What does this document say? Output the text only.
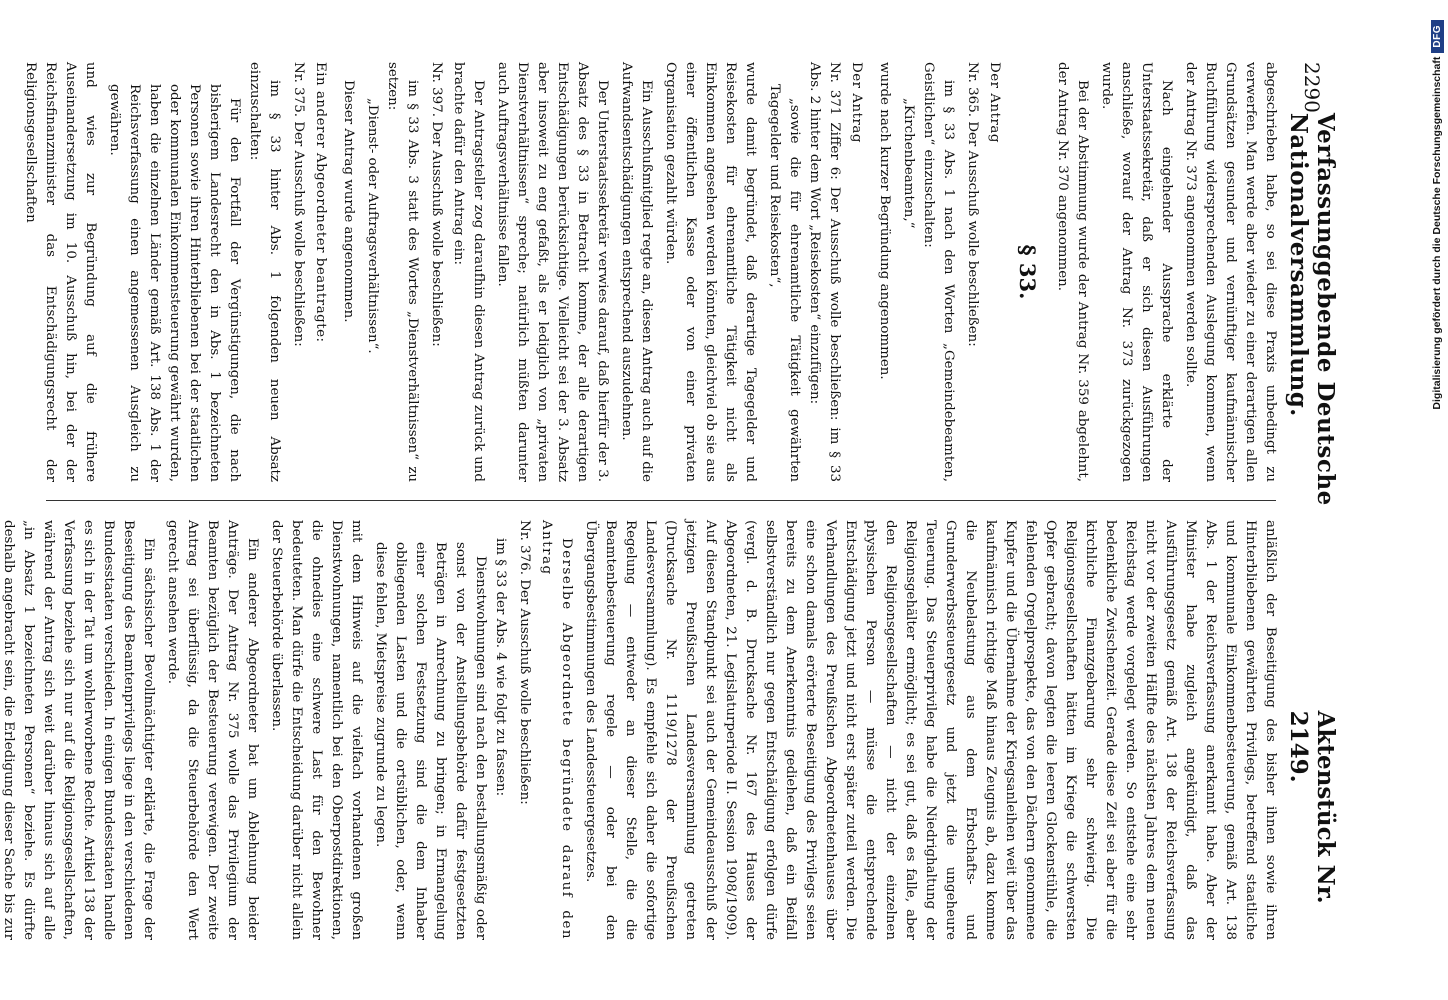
2290
Verfassunggebende Deutsche Nationalversammlung.
Aktenstück Nr. 2149.

abgeschrieben habe, so sei diese Praxis unbedingt zu verwerfen. Man werde aber wieder zu einer derartigen allen Grundsätzen gesunder und vernünftiger kaufmännischer Buchführung widersprechenden Auslegung kommen, wenn der Antrag Nr. 373 angenommen werden sollte.

Nach eingehender Aussprache erklärte der Unterstaatssekretär, daß er sich diesen Ausführungen anschließe, worauf der Antrag Nr. 373 zurückgezogen wurde.

Bei der Abstimmung wurde der Antrag Nr. 359 abgelehnt, der Antrag Nr. 370 angenommen.

§ 33.

Der Antrag

Nr. 365. Der Ausschuß wolle beschließen:

im § 33 Abs. 1 nach den Worten „Gemeindebeamten, Geistlichen“ einzuschalten:

„Kirchenbeamten,“

wurde nach kurzer Begründung angenommen.

Der Antrag

Nr. 371 Ziffer 6: Der Ausschuß wolle beschließen: im § 33 Abs. 2 hinter dem Wort „Reisekosten“ einzufügen:

„sowie die für ehrenamtliche Tätigkeit gewährten Tagegelder und Reisekosten“,

wurde damit begründet, daß derartige Tagegelder und Reisekosten für ehrenamtliche Tätigkeit nicht als Einkommen angesehen werden könnten, gleichviel ob sie aus einer öffentlichen Kasse oder von einer privaten Organisation gezahlt würden.

Ein Ausschußmitglied regte an, diesen Antrag auch auf die Aufwandsentschädigungen entsprechend auszudehnen.

Der Unterstaatssekretär verwies darauf, daß hierfür der 3. Absatz des § 33 in Betracht komme, der alle derartigen Entschädigungen berücksichtige. Vielleicht sei der 3. Absatz aber insoweit zu eng gefaßt, als er lediglich von „privaten Dienstverhältnissen“ spreche; natürlich müßten darunter auch Auftragsverhältnisse fallen.

Der Antragsteller zog daraufhin diesen Antrag zurück und brachte dafür den Antrag ein:

Nr. 397. Der Ausschuß wolle beschließen:

im § 33 Abs. 3 statt des Wortes „Dienstverhältnissen“ zu setzen:

„Dienst- oder Auftragsverhältnissen“.

Dieser Antrag wurde angenommen.

Ein anderer Abgeordneter beantragte:

Nr. 375. Der Ausschuß wolle beschließen:

im § 33 hinter Abs. 1 folgenden neuen Absatz einzuschalten:

Für den Fortfall der Vergünstigungen, die nach bisherigem Landesrecht den in Abs. 1 bezeichneten Personen sowie ihren Hinterbliebenen bei der staatlichen oder kommunalen Einkommensteuerung gewährt wurden, haben die einzelnen Länder gemäß Art. 138 Abs. 1 der Reichsverfassung einen angemessenen Ausgleich zu gewähren.

und wies zur Begründung auf die frühere Auseinandersetzung im 10. Ausschuß hin, bei der der Reichsfinanzminister das Entschädigungsrecht der Religionsgesellschaften

anläßlich der Beseitigung des bisher ihnen sowie ihren Hinterbliebenen gewährten Privilegs, betreffend staatliche und kommunale Einkommenbesteuerung, gemäß Art. 138 Abs. 1 der Reichsverfassung anerkannt habe. Aber der Minister habe zugleich angekündigt, daß das Ausführungsgesetz gemäß Art. 138 der Reichsverfassung nicht vor der zweiten Hälfte des nächsten Jahres dem neuen Reichstag werde vorgelegt werden. So entstehe eine sehr bedenkliche Zwischenzeit. Gerade diese Zeit sei aber für die kirchliche Finanzgebarung sehr schwierig. Die Religionsgesellschaften hätten im Kriege die schwersten Opfer gebracht; davon legten die leeren Glockenstühle, die fehlenden Orgelprospekte, das von den Dächern genommene Kupfer und die Übernahme der Kriegsanleihen weit über das kaufmännisch richtige Maß hinaus Zeugnis ab, dazu komme die Neubelastung aus dem Erbschafts- und Grunderwerbssteuergesetz und jetzt die ungeheure Teuerung. Das Steuerprivileg habe die Niedrighaltung der Religionsgehälter ermöglicht; es sei gut, daß es falle, aber den Religionsgesellschaften — nicht der einzelnen physischen Person — müsse die entsprechende Entschädigung jetzt und nicht erst später zuteil werden. Die Verhandlungen des Preußischen Abgeordnetenhauses über eine schon damals erörterte Beseitigung des Privilegs seien bereits zu dem Anerkenntnis gediehen, daß ein Beifall selbstverständlich nur gegen Entschädigung erfolgen dürfe (vergl. d. B. Drucksache Nr. 167 des Hauses der Abgeordneten, 21. Legislaturperiode II. Session 1908/1909). Auf diesen Standpunkt sei auch der Gemeindeausschuß der jetzigen Preußischen Landesversammlung getreten (Drucksache Nr. 1119/1278 der Preußischen Landesversammlung). Es empfehle sich daher die sofortige Regelung — entweder an dieser Stelle, die die Beamtenbesteuerung regele — oder bei den Übergangsbestimmungen des Landessteuergesetzes.

Derselbe Abgeordnete begründete darauf den Antrag

Nr. 376. Der Ausschuß wolle beschließen:

im § 33 der Abs. 4 wie folgt zu fassen:

Dienstwohnungen sind nach den bestallungsmäßig oder sonst von der Anstellungsbehörde dafür festgesetzten Beträgen in Anrechnung zu bringen; in Ermangelung einer solchen Festsetzung sind die dem Inhaber obliegenden Lasten und die ortsüblichen, oder, wenn diese fehlen, Mietspreise zugrunde zu legen.

mit dem Hinweis auf die vielfach vorhandenen großen Dienstwohnungen, namentlich bei den Oberpostdirektionen, die ohnedies eine schwere Last für den Bewohner bedeuteten. Man dürfe die Entscheidung darüber nicht allein der Steuerbehörde überlassen.

Ein anderer Abgeordneter bat um Ablehnung beider Anträge. Der Antrag Nr. 375 wolle das Privilegium der Beamten bezüglich der Besteuerung verewigen. Der zweite Antrag sei überflüssig, da die Steuerbehörde den Wert gerecht ansehen werde.

Ein sächsischer Bevollmächtigter erklärte, die Frage der Beseitigung des Beamtenprivilegs liege in den verschiedenen Bundesstaaten verschieden. In einigen Bundesstaaten handle es sich in der Tat um wohlerworbene Rechte. Artikel 138 der Verfassung beziehe sich nur auf die Religionsgesellschaften, während der Antrag sich weit darüber hinaus sich auf alle „in Absatz 1 bezeichneten Personen“ beziehe. Es dürfte deshalb angebracht sein, die Erledigung dieser Sache bis zur

Digitalisierung gefördert durch die Deutsche Forschungsgemeinschaft
DFG
